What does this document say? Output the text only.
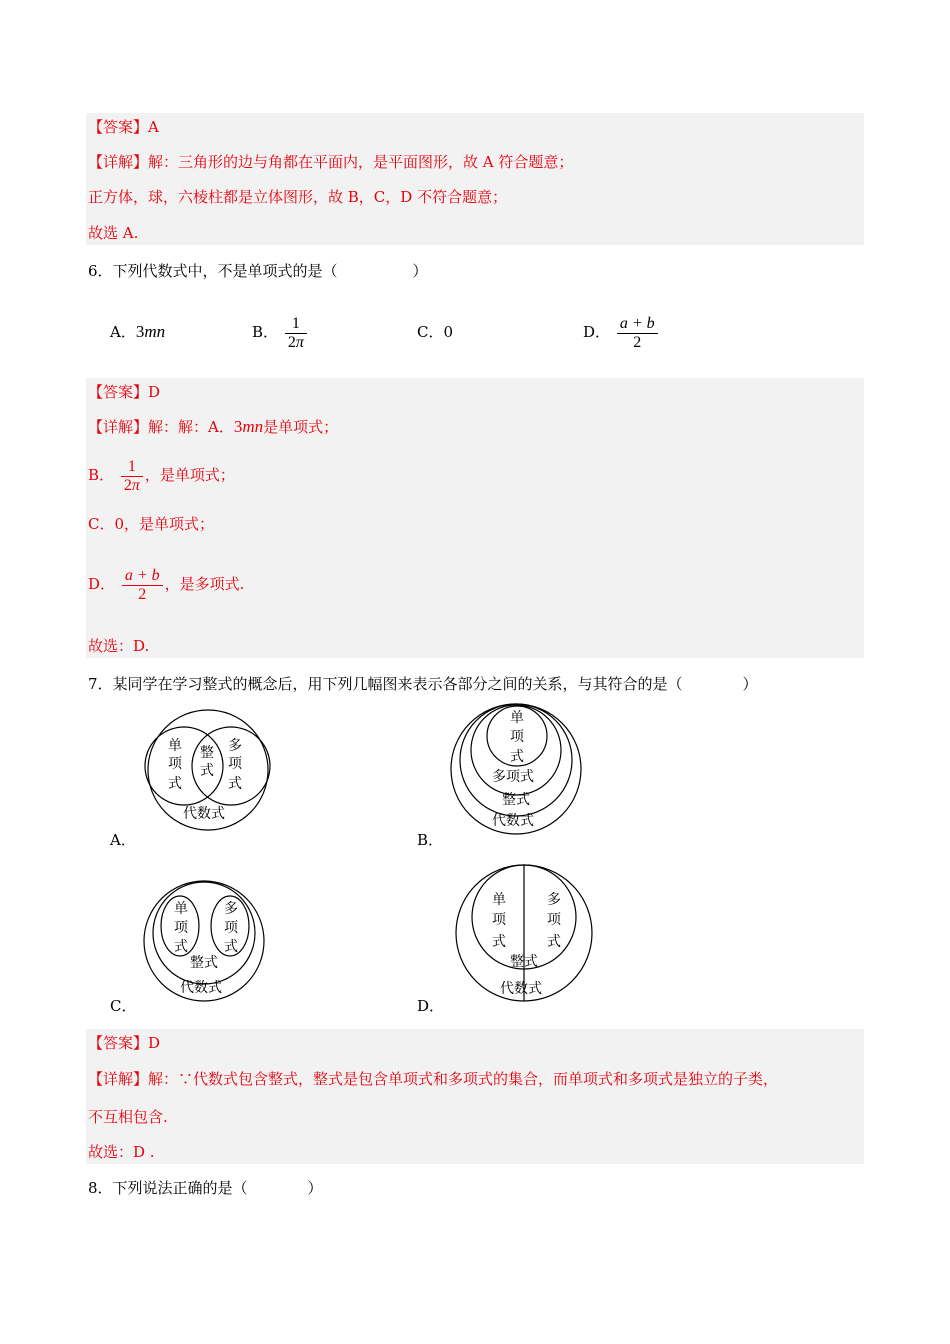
【答案】A
【详解】解：三角形的边与角都在平面内，是平面图形，故 A 符合题意；
正方体，球，六棱柱都是立体图形，故 B，C，D 不符合题意；
故选 A.
6．下列代数式中，不是单项式的是（　　　　　）
A．3mn	B． $\frac{1}{2\pi}$	C．0	D． $\frac{a + b}{2}$
【答案】D
【详解】解：解：A．3mn是单项式；
B． $\frac{1}{2\pi}$ ，是单项式；
C．0，是单项式；
D． $\frac{a + b}{2}$ ，是多项式.
故选：D.
7．某同学在学习整式的概念后，用下列几幅图来表示各部分之间的关系，与其符合的是（　　　　）
单
项
式
整
式
多
项
式
代数式
A．
单
项
式
多项式
整式
代数式
B．
单
项
式
多
项
式
整式
代数式
C．
单
项
式
多
项
式
整式
代数式
D．
【答案】D
【详解】解：∵代数式包含整式，整式是包含单项式和多项式的集合，而单项式和多项式是独立的子类，
不互相包含.
故选：D .
8．下列说法正确的是（　　　　）
